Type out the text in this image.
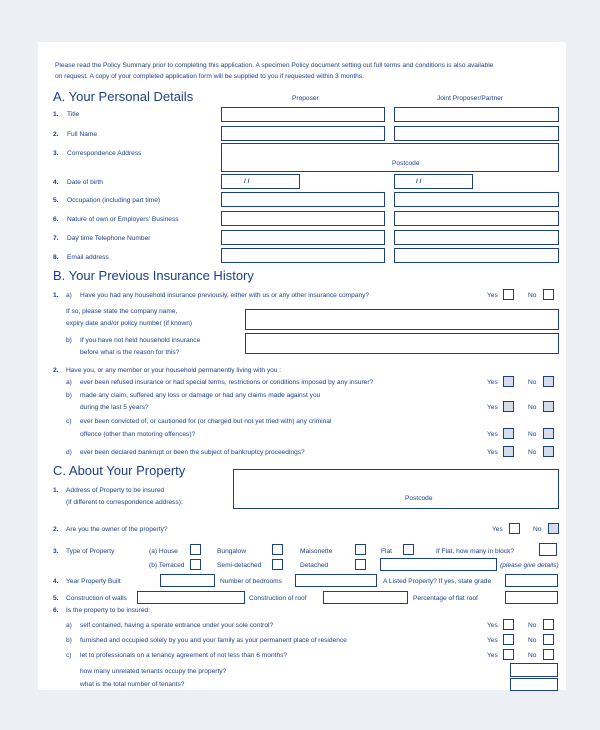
Please read the Policy Summary prior to completing this application. A specimen Policy document setting out full terms and conditions is also available
on request. A copy of your completed application form will be supplied to you if requested within 3 months.
A. Your Personal Details	Proposer	Joint Proposer/Partner
1. Title
2. Full Name
3. Correspondence Address
Postcode
4. Date of birth	/ /	/ /
5. Occupation (including part time)
6. Nature of own or Employers' Business
7. Day time Telephone Number
8. Email address
B. Your Previous Insurance History
1. a) Have you had any household insurance previously, either with us or any other insurance company?	Yes	No
If so, please state the company name,
expiry date and/or policy number (if known)
b) If you have not held household insurance
before what is the reason for this?
2. Have you, or any member or your household permanently living with you :
a) ever been refused insurance or had special terms, restrictions or conditions imposed by any insurer?	Yes	No
b) made any claim, suffered any loss or damage or had any claims made against you
during the last 5 years?	Yes	No
c) ever been convicted of, or cautioned for (or charged but not yet tried with) any criminal
offence (other than motoring offences)?	Yes	No
d) ever been declared bankrupt or been the subject of bankruptcy proceedings?	Yes	No
C. About Your Property
1. Address of Property to be insured
(if different to correspondence address):
Postcode
2. Are you the owner of the property?	Yes	No
3. Type of Property	(a) House	Bungalow	Maisonette	Flat	If Flat, how many in block?
(b) Terraced	Semi-detached	Detached	(please give details)
4. Year Property Built	Number of bedrooms	A Listed Property? If yes, state grade
5. Construction of walls	Construction of roof	Percentage of flat roof
6. Is the property to be insured:
a) self contained, having a sperate entrance under your sole control?	Yes	No
b) furnished and occupied solely by you and your family as your permanent place of residence	Yes	No
c) let to professionals on a tenancy agreement of not less than 6 months?	Yes	No
how many unrelated tenants occupy the property?
what is the total number of tenants?
